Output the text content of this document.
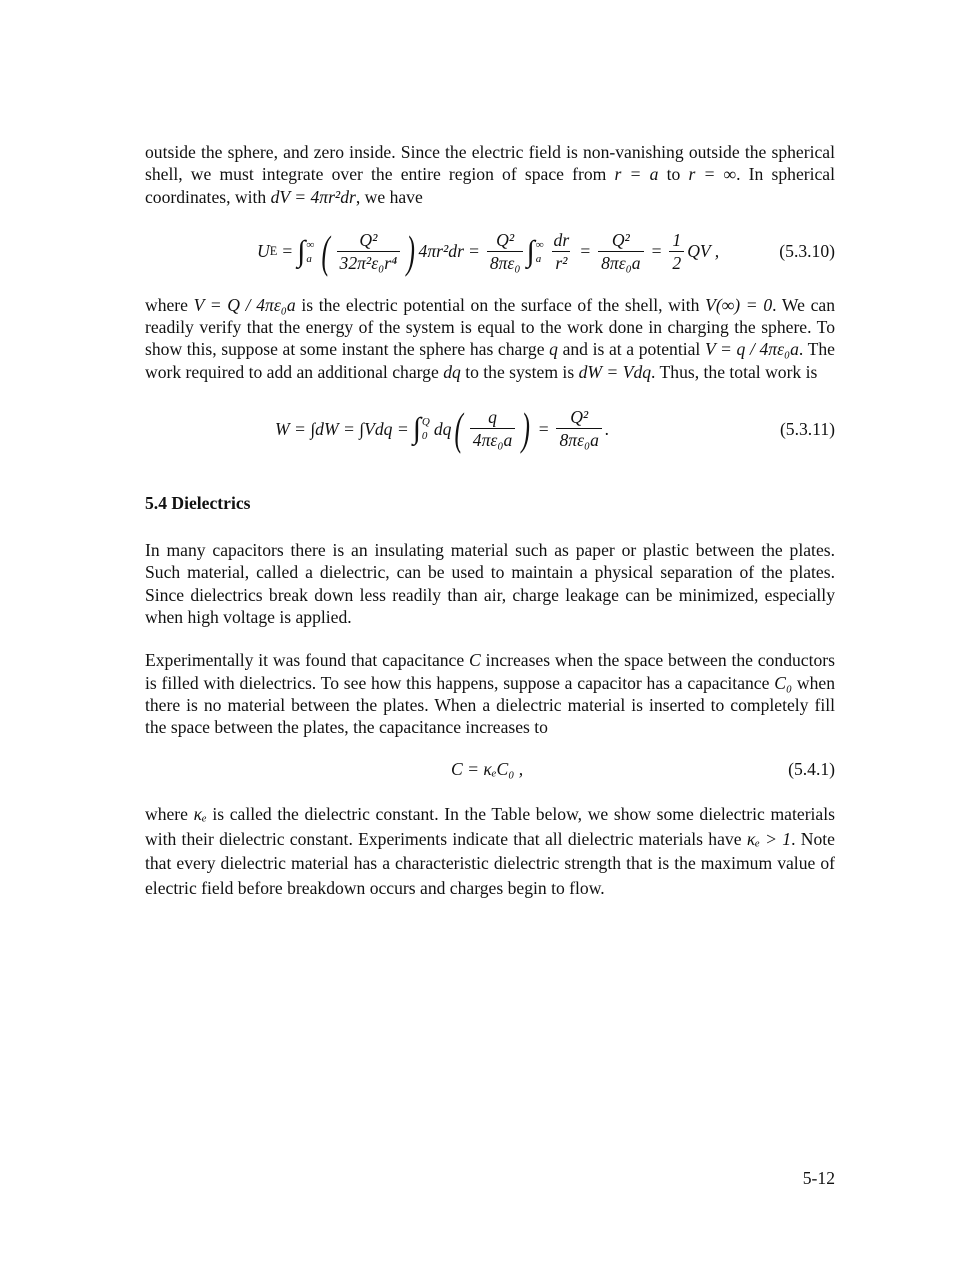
outside the sphere, and zero inside. Since the electric field is non-vanishing outside the spherical shell, we must integrate over the entire region of space from r = a to r = ∞. In spherical coordinates, with dV = 4πr²dr, we have

U E = ∫ ∞
a ( $\frac{\text{Q²}}{\text{32π²ε₀r⁴}}$ ) $4\pi r^2dr = \frac{\text{Q²}}{\text{8πε₀}}$ ∫ ∞
a $\frac{dr}{\text{r²}} = \frac{\text{Q²}}{\text{8πε₀a}} = \frac{1}{2}$ QV ,	(5.3.10)

where V = Q / 4πε₀a is the electric potential on the surface of the shell, with V(∞) = 0. We can readily verify that the energy of the system is equal to the work done in charging the sphere. To show this, suppose at some instant the sphere has charge q and is at a potential V = q / 4πε₀a. The work required to add an additional charge dq to the system is dW = Vdq. Thus, the total work is

W = ∫dW = ∫Vdq = ∫ Q
0 dq ( $\frac{q}{\text{4πε₀a}}$ ) = $\frac{\text{Q²}}{\text{8πε₀a}}$ .	(5.3.11)
5.4 Dielectrics

In many capacitors there is an insulating material such as paper or plastic between the plates. Such material, called a dielectric, can be used to maintain a physical separation of the plates. Since dielectrics break down less readily than air, charge leakage can be minimized, especially when high voltage is applied.

Experimentally it was found that capacitance C increases when the space between the conductors is filled with dielectrics. To see how this happens, suppose a capacitor has a capacitance C₀ when there is no material between the plates. When a dielectric material is inserted to completely fill the space between the plates, the capacitance increases to

C = κₑC₀ ,	(5.4.1)

where κₑ is called the dielectric constant. In the Table below, we show some dielectric materials with their dielectric constant. Experiments indicate that all dielectric materials have κₑ > 1. Note that every dielectric material has a characteristic dielectric strength that is the maximum value of electric field before breakdown occurs and charges begin to flow.

5-12
